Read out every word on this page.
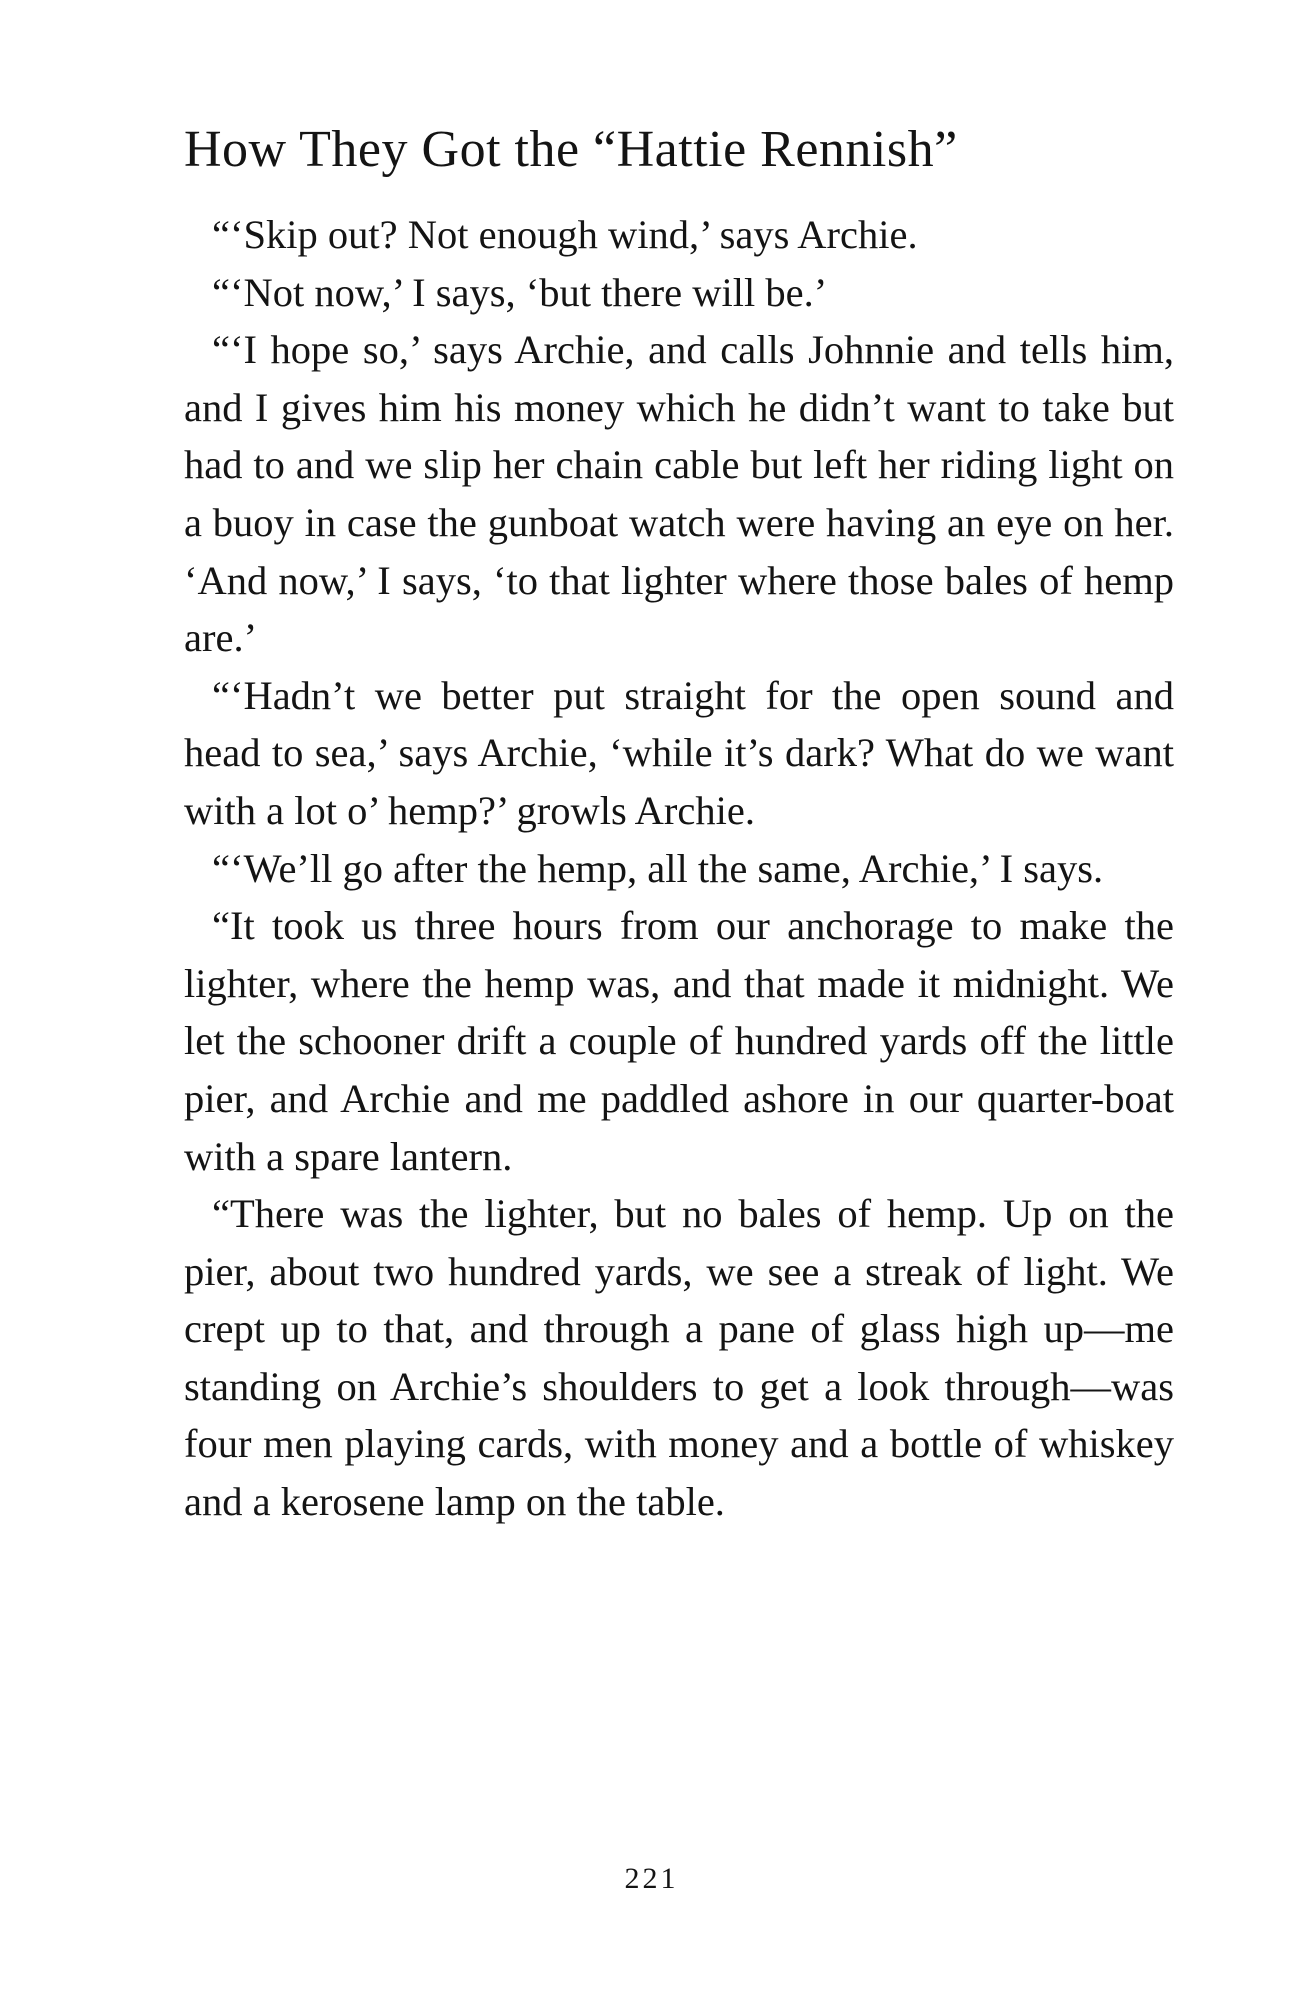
How They Got the “Hattie Rennish”

“‘Skip out? Not enough wind,’ says Archie.

“‘Not now,’ I says, ‘but there will be.’

“‘I hope so,’ says Archie, and calls Johnnie and tells him, and I gives him his money which he didn’t want to take but had to and we slip her chain cable but left her riding light on a buoy in case the gunboat watch were having an eye on her. ‘And now,’ I says, ‘to that lighter where those bales of hemp are.’

“‘Hadn’t we better put straight for the open sound and head to sea,’ says Archie, ‘while it’s dark? What do we want with a lot o’ hemp?’ growls Archie.

“‘We’ll go after the hemp, all the same, Archie,’ I says.

“It took us three hours from our anchorage to make the lighter, where the hemp was, and that made it midnight. We let the schooner drift a couple of hundred yards off the little pier, and Archie and me paddled ashore in our quarter-boat with a spare lantern.

“There was the lighter, but no bales of hemp. Up on the pier, about two hundred yards, we see a streak of light. We crept up to that, and through a pane of glass high up—me standing on Archie’s shoulders to get a look through—was four men playing cards, with money and a bottle of whiskey and a kerosene lamp on the table.

221
